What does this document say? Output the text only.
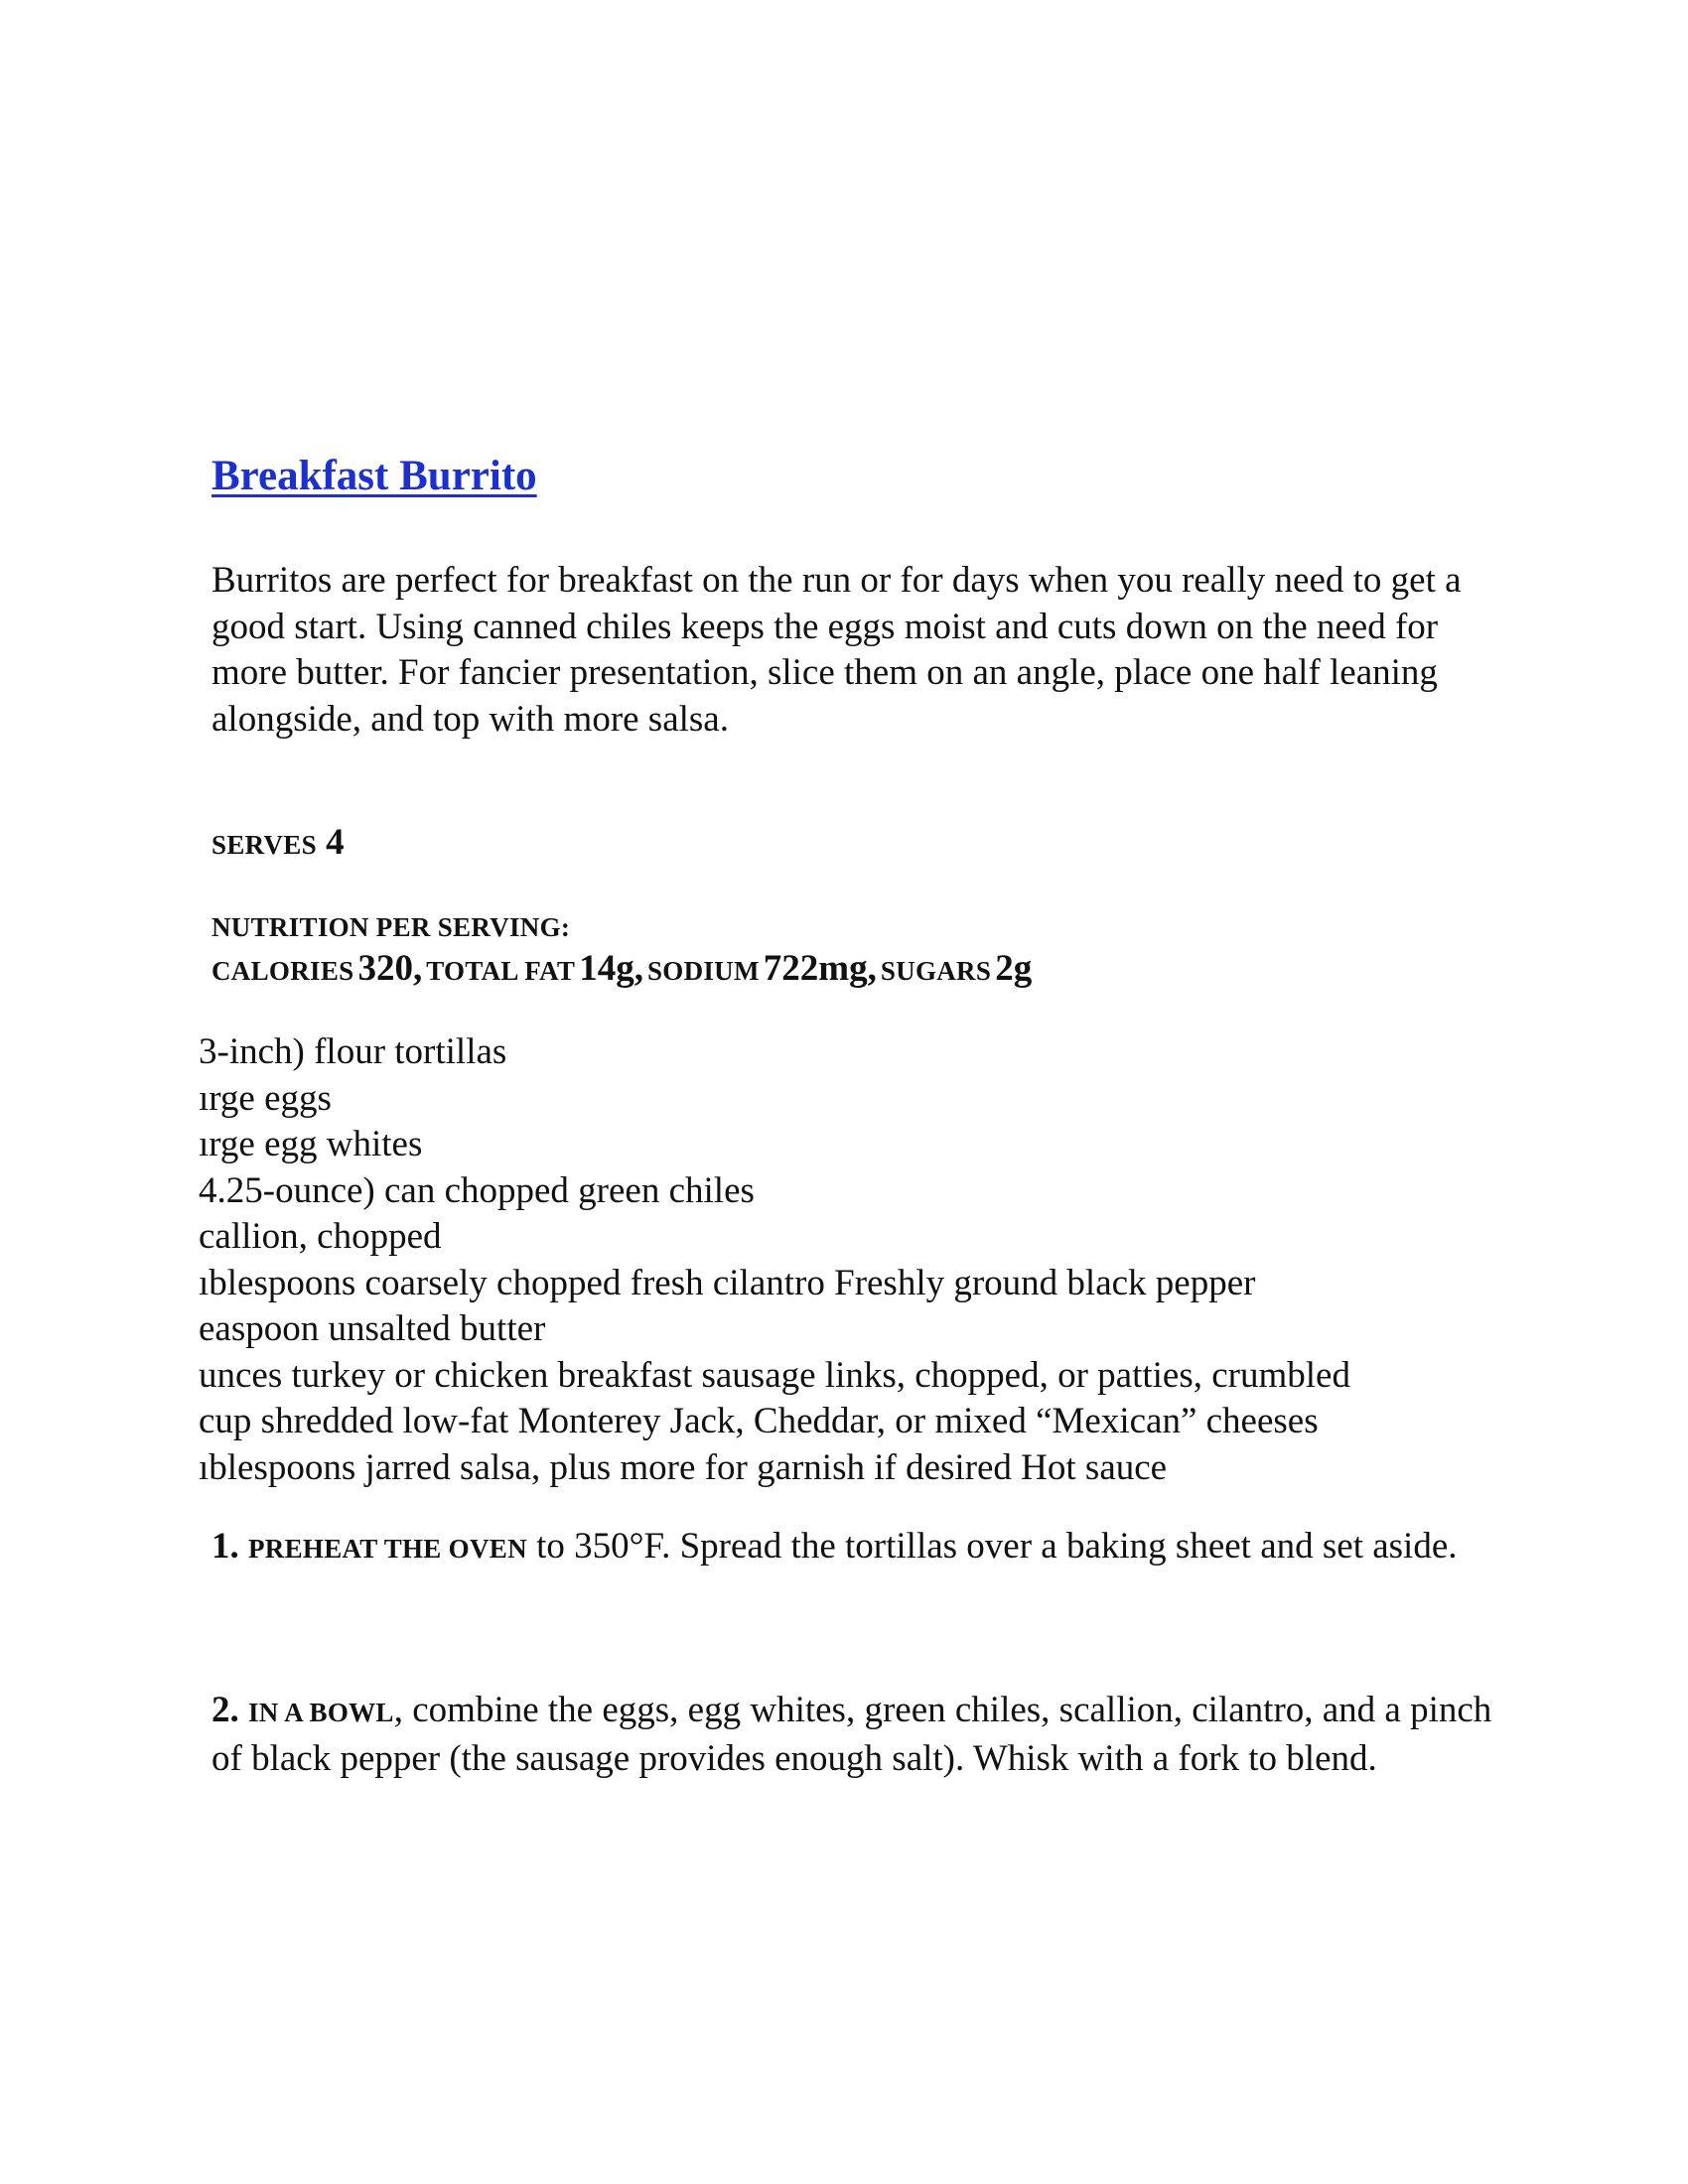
Breakfast Burrito

Burritos are perfect for breakfast on the run or for days when you really need to get a good start. Using canned chiles keeps the eggs moist and cuts down on the need for more butter. For fancier presentation, slice them on an angle, place one half leaning alongside, and top with more salsa.

SERVES 4

NUTRITION PER SERVING:

CALORIES 320, TOTAL FAT 14g, SODIUM 722mg, SUGARS 2g

3-inch) flour tortillas
ırge eggs
ırge egg whites
4.25-ounce) can chopped green chiles
callion, chopped
ıblespoons coarsely chopped fresh cilantro Freshly ground black pepper
easpoon unsalted butter
unces turkey or chicken breakfast sausage links, chopped, or patties, crumbled
cup shredded low-fat Monterey Jack, Cheddar, or mixed “Mexican” cheeses
ıblespoons jarred salsa, plus more for garnish if desired Hot sauce

1. PREHEAT THE OVEN to 350°F. Spread the tortillas over a baking sheet and set aside.

2. IN A BOWL, combine the eggs, egg whites, green chiles, scallion, cilantro, and a pinch of black pepper (the sausage provides enough salt). Whisk with a fork to blend.
